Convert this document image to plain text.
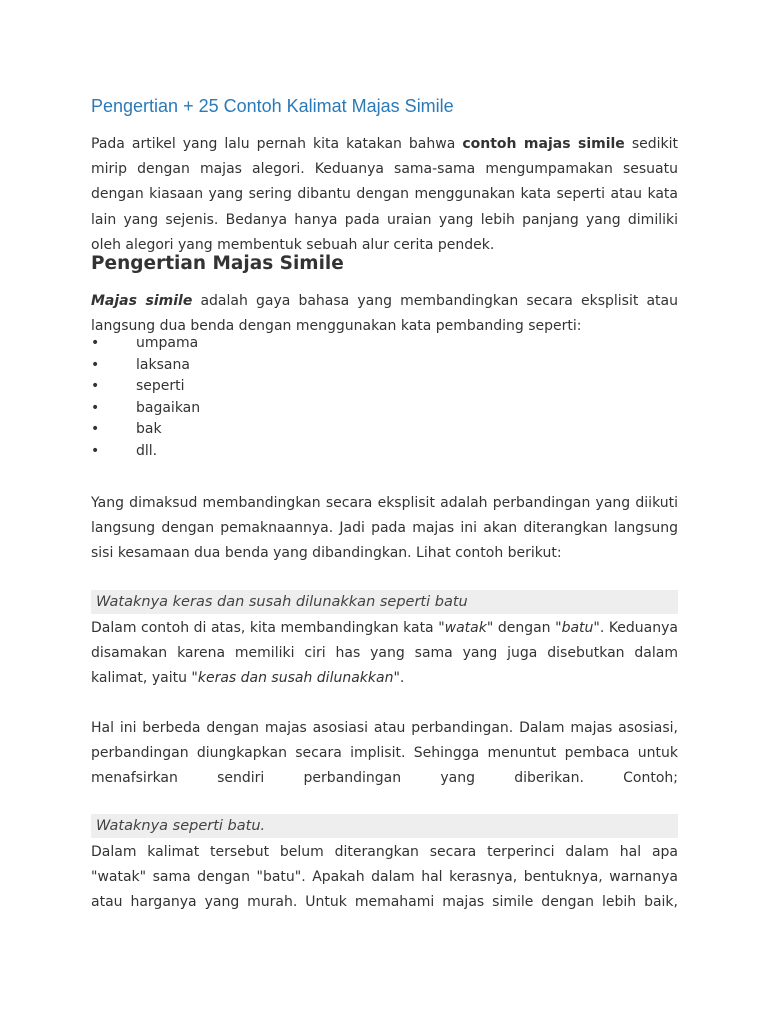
Pengertian + 25 Contoh Kalimat Majas Simile

Pada artikel yang lalu pernah kita katakan bahwa contoh majas simile sedikit mirip dengan majas alegori. Keduanya sama-sama mengumpamakan sesuatu dengan kiasaan yang sering dibantu dengan menggunakan kata seperti atau kata lain yang sejenis. Bedanya hanya pada uraian yang lebih panjang yang dimiliki oleh alegori yang membentuk sebuah alur cerita pendek.

Pengertian Majas Simile

Majas simile adalah gaya bahasa yang membandingkan secara eksplisit atau langsung dua benda dengan menggunakan kata pembanding seperti:

•	umpama
•	laksana
•	seperti
•	bagaikan
•	bak
•	dll.

Yang dimaksud membandingkan secara eksplisit adalah perbandingan yang diikuti langsung dengan pemaknaannya. Jadi pada majas ini akan diterangkan langsung sisi kesamaan dua benda yang dibandingkan. Lihat contoh berikut:

Wataknya keras dan susah dilunakkan seperti batu

Dalam contoh di atas, kita membandingkan kata "watak" dengan "batu". Keduanya disamakan karena memiliki ciri has yang sama yang juga disebutkan dalam kalimat, yaitu "keras dan susah dilunakkan".

Hal ini berbeda dengan majas asosiasi atau perbandingan. Dalam majas asosiasi, perbandingan diungkapkan secara implisit. Sehingga menuntut pembaca untuk menafsirkan sendiri perbandingan yang diberikan. Contoh;

Wataknya seperti batu.

Dalam kalimat tersebut belum diterangkan secara terperinci dalam hal apa "watak" sama dengan "batu". Apakah dalam hal kerasnya, bentuknya, warnanya atau harganya yang murah. Untuk memahami majas simile dengan lebih baik,
